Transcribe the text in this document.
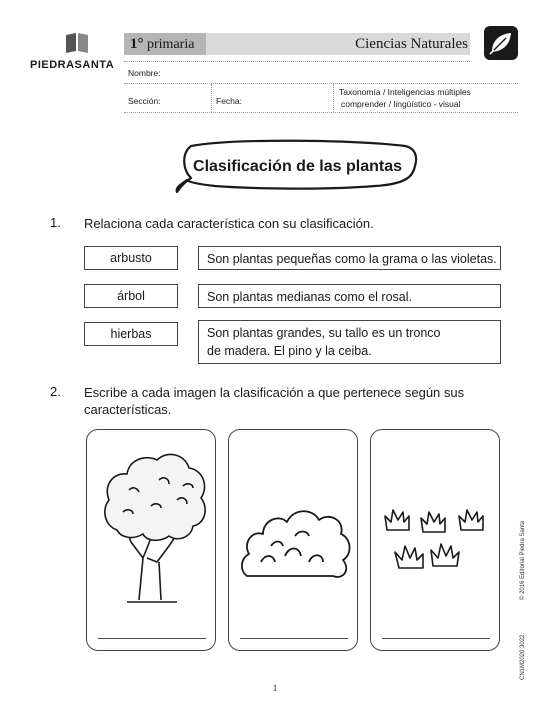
PIEDRASANTA
1° primaria	Ciencias Naturales
Nombre:
Sección:	Fecha:
Taxonomía / Inteligencias múltiples
comprender / lingüístico - visual
Clasificación de las plantas
1. Relaciona cada característica con su clasificación.
arbusto
árbol
hierbas
Son plantas pequeñas como la grama o las violetas.
Son plantas medianas como el rosal.
Son plantas grandes, su tallo es un tronco
de madera. El pino y la ceiba.
2. Escribe a cada imagen la clasificación a que pertenece según sus
características.
© 2016 Editorial Piedra Santa
CN1M2020 3022.
1
